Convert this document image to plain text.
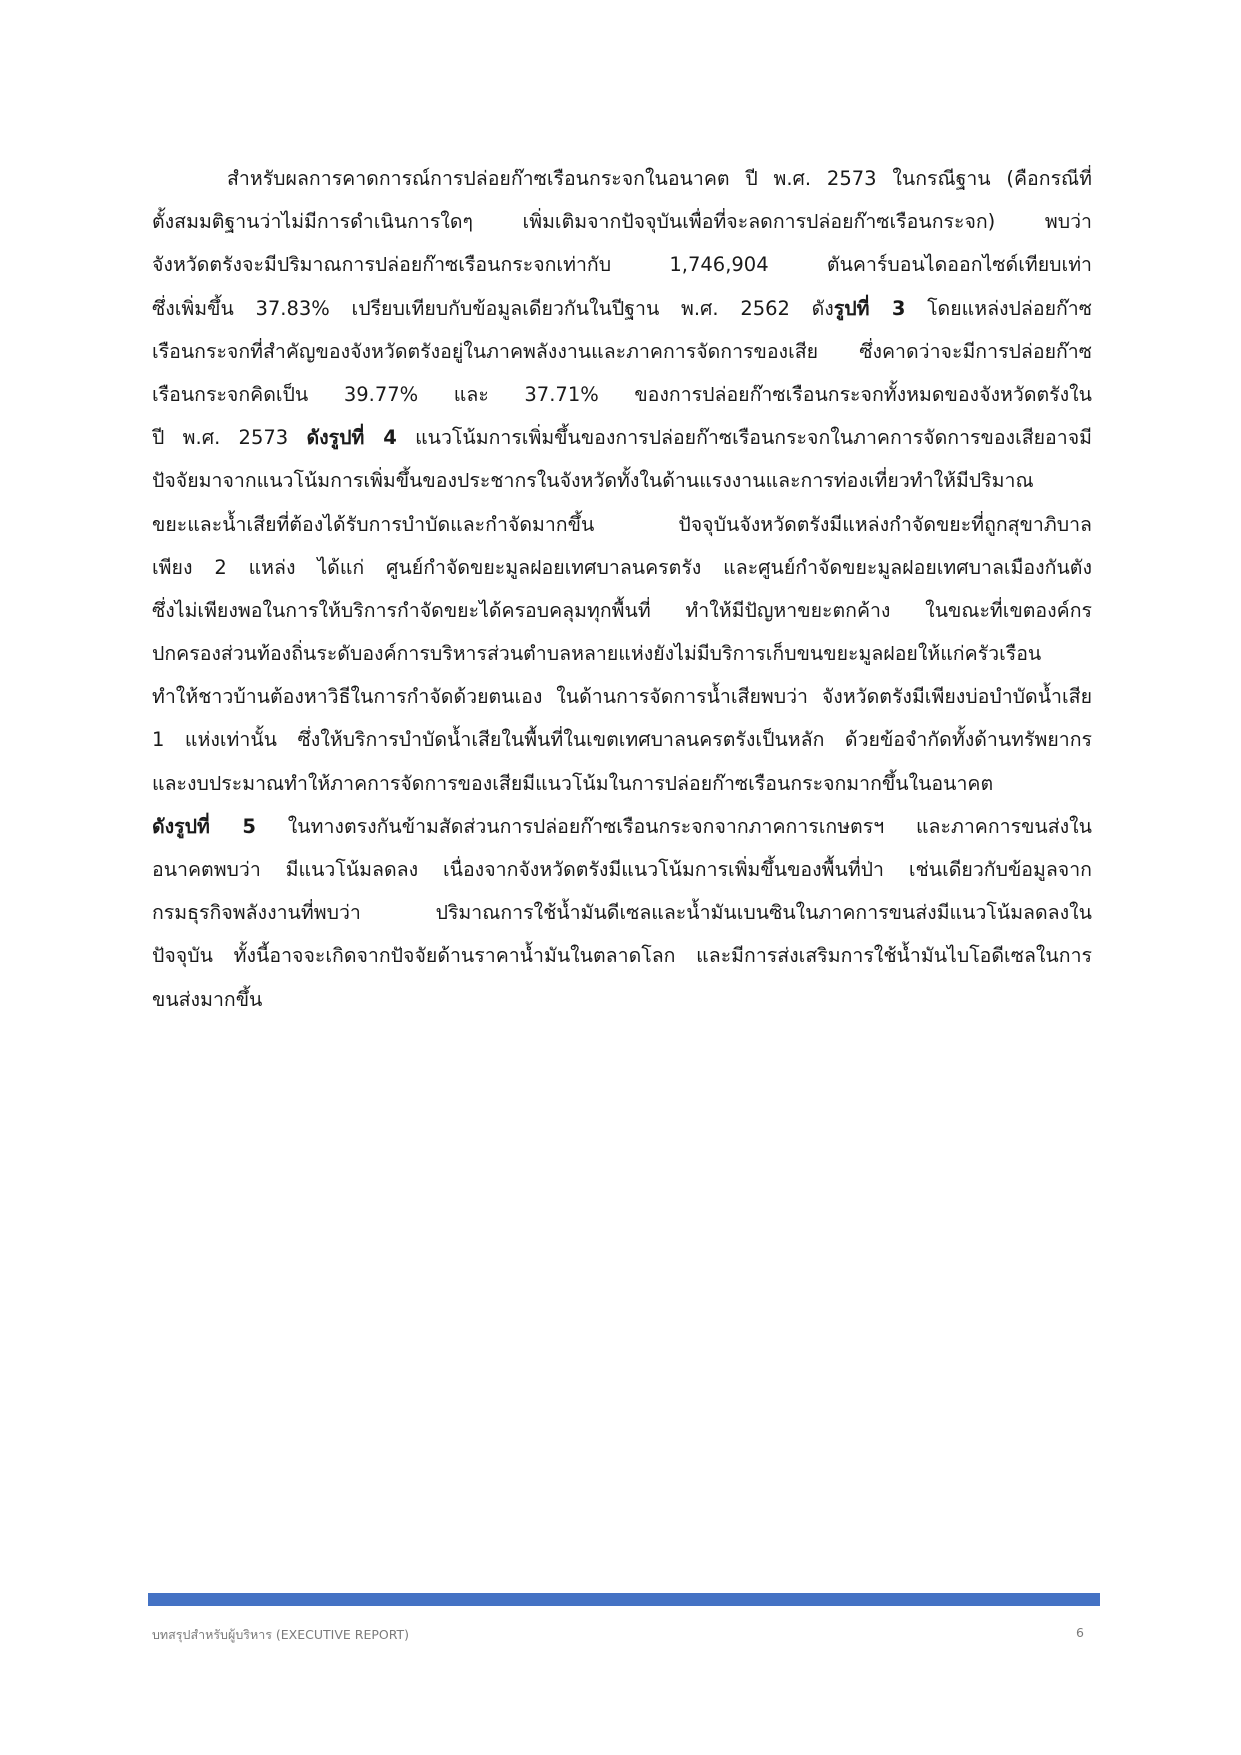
สำหรับผลการคาดการณ์การปล่อยก๊าซเรือนกระจกในอนาคต ปี พ.ศ. 2573 ในกรณีฐาน (คือกรณีที่
ตั้งสมมติฐานว่าไม่มีการดำเนินการใดๆ เพิ่มเติมจากปัจจุบันเพื่อที่จะลดการปล่อยก๊าซเรือนกระจก) พบว่า
จังหวัดตรังจะมีปริมาณการปล่อยก๊าซเรือนกระจกเท่ากับ 1,746,904 ตันคาร์บอนไดออกไซด์เทียบเท่า
ซึ่งเพิ่มขึ้น 37.83% เปรียบเทียบกับข้อมูลเดียวกันในปีฐาน พ.ศ. 2562 ดังรูปที่ 3 โดยแหล่งปล่อยก๊าซ
เรือนกระจกที่สำคัญของจังหวัดตรังอยู่ในภาคพลังงานและภาคการจัดการของเสีย ซึ่งคาดว่าจะมีการปล่อยก๊าซ
เรือนกระจกคิดเป็น 39.77% และ 37.71% ของการปล่อยก๊าซเรือนกระจกทั้งหมดของจังหวัดตรังใน
ปี พ.ศ. 2573 ดังรูปที่ 4 แนวโน้มการเพิ่มขึ้นของการปล่อยก๊าซเรือนกระจกในภาคการจัดการของเสียอาจมี
ปัจจัยมาจากแนวโน้มการเพิ่มขึ้นของประชากรในจังหวัดทั้งในด้านแรงงานและการท่องเที่ยวทำให้มีปริมาณ
ขยะและน้ำเสียที่ต้องได้รับการบำบัดและกำจัดมากขึ้น ปัจจุบันจังหวัดตรังมีแหล่งกำจัดขยะที่ถูกสุขาภิบาล
เพียง 2 แหล่ง ได้แก่ ศูนย์กำจัดขยะมูลฝอยเทศบาลนครตรัง และศูนย์กำจัดขยะมูลฝอยเทศบาลเมืองกันตัง
ซึ่งไม่เพียงพอในการให้บริการกำจัดขยะได้ครอบคลุมทุกพื้นที่ ทำให้มีปัญหาขยะตกค้าง ในขณะที่เขตองค์กร
ปกครองส่วนท้องถิ่นระดับองค์การบริหารส่วนตำบลหลายแห่งยังไม่มีบริการเก็บขนขยะมูลฝอยให้แก่ครัวเรือน
ทำให้ชาวบ้านต้องหาวิธีในการกำจัดด้วยตนเอง ในด้านการจัดการน้ำเสียพบว่า จังหวัดตรังมีเพียงบ่อบำบัดน้ำเสีย
1 แห่งเท่านั้น ซึ่งให้บริการบำบัดน้ำเสียในพื้นที่ในเขตเทศบาลนครตรังเป็นหลัก ด้วยข้อจำกัดทั้งด้านทรัพยากร
และงบประมาณทำให้ภาคการจัดการของเสียมีแนวโน้มในการปล่อยก๊าซเรือนกระจกมากขึ้นในอนาคต
ดังรูปที่ 5 ในทางตรงกันข้ามสัดส่วนการปล่อยก๊าซเรือนกระจกจากภาคการเกษตรฯ และภาคการขนส่งใน
อนาคตพบว่า มีแนวโน้มลดลง เนื่องจากจังหวัดตรังมีแนวโน้มการเพิ่มขึ้นของพื้นที่ป่า เช่นเดียวกับข้อมูลจาก
กรมธุรกิจพลังงานที่พบว่า ปริมาณการใช้น้ำมันดีเซลและน้ำมันเบนซินในภาคการขนส่งมีแนวโน้มลดลงใน
ปัจจุบัน ทั้งนี้อาจจะเกิดจากปัจจัยด้านราคาน้ำมันในตลาดโลก และมีการส่งเสริมการใช้น้ำมันไบโอดีเซลในการ
ขนส่งมากขึ้น
บทสรุปสำหรับผู้บริหาร (EXECUTIVE REPORT)	6
